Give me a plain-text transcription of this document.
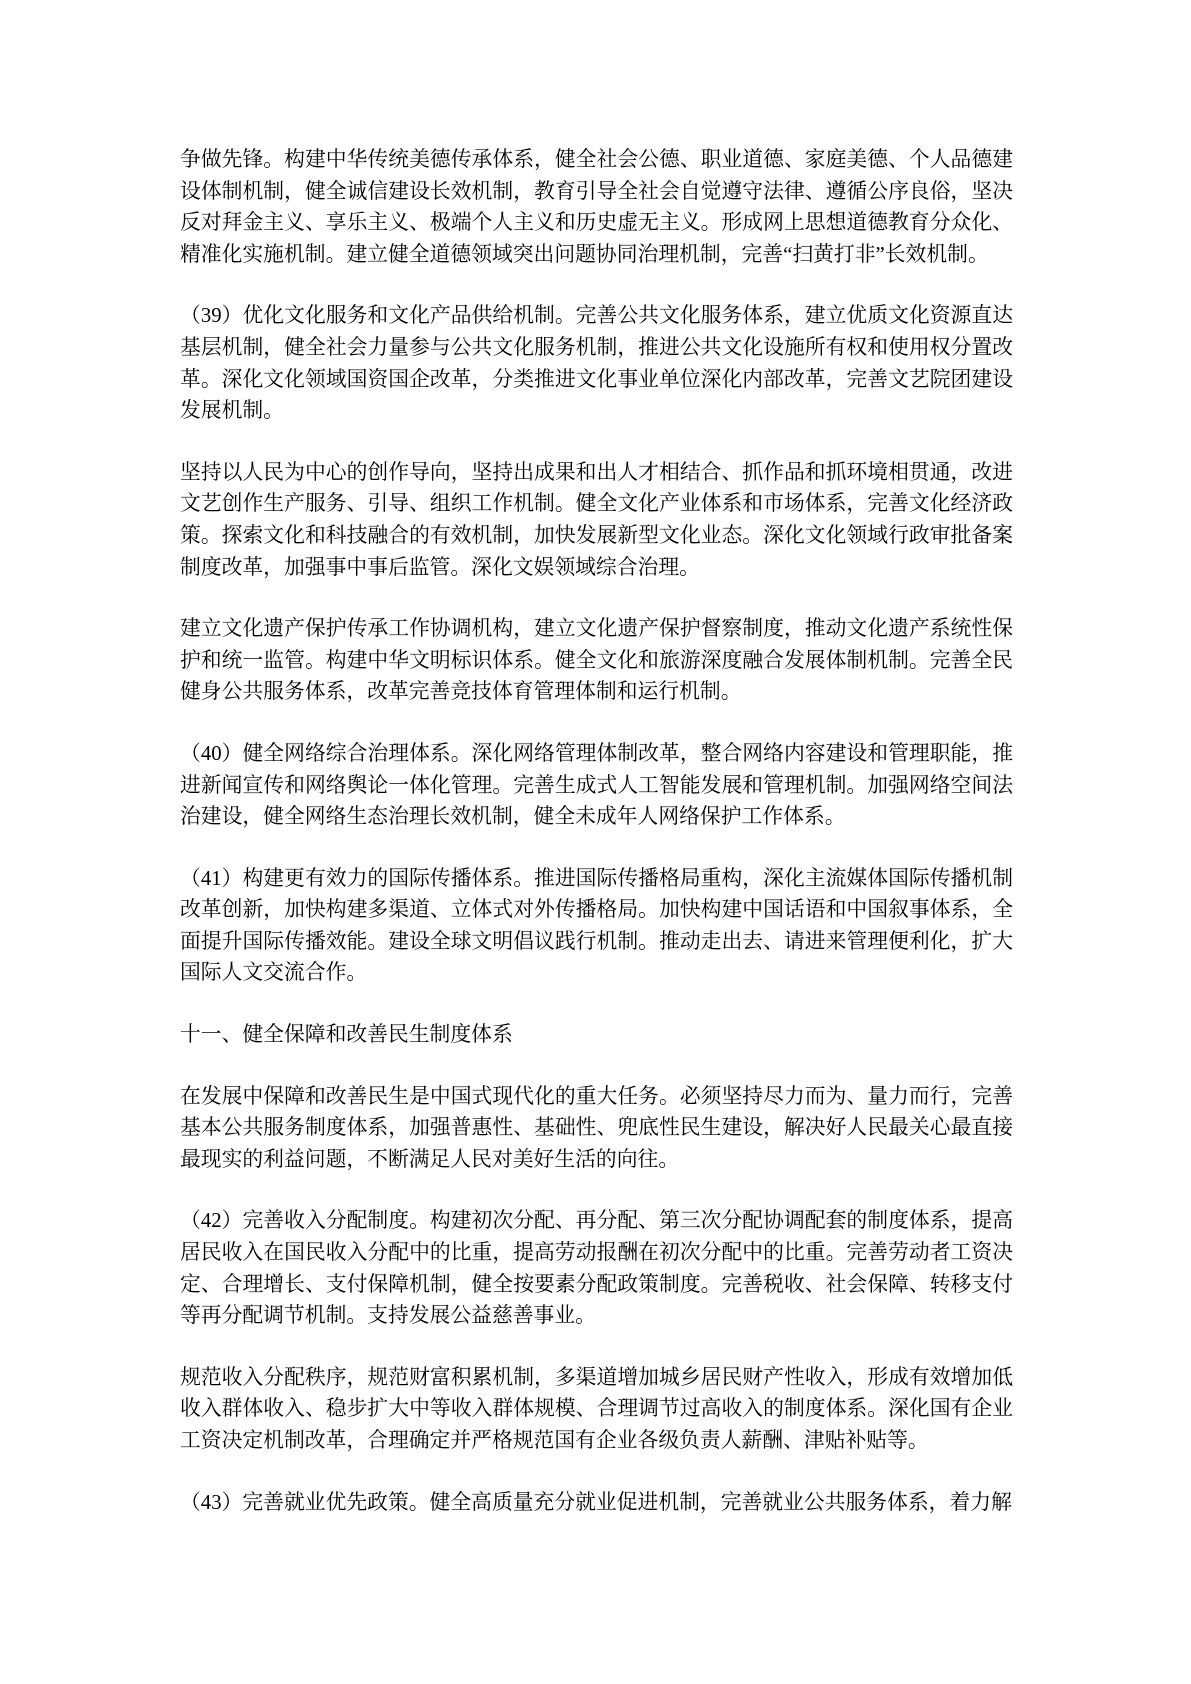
争做先锋。构建中华传统美德传承体系，健全社会公德、职业道德、家庭美德、个人品德建设体制机制，健全诚信建设长效机制，教育引导全社会自觉遵守法律、遵循公序良俗，坚决反对拜金主义、享乐主义、极端个人主义和历史虚无主义。形成网上思想道德教育分众化、精准化实施机制。建立健全道德领域突出问题协同治理机制，完善“扫黄打非”长效机制。

（39）优化文化服务和文化产品供给机制。完善公共文化服务体系，建立优质文化资源直达基层机制，健全社会力量参与公共文化服务机制，推进公共文化设施所有权和使用权分置改革。深化文化领域国资国企改革，分类推进文化事业单位深化内部改革，完善文艺院团建设发展机制。

坚持以人民为中心的创作导向，坚持出成果和出人才相结合、抓作品和抓环境相贯通，改进文艺创作生产服务、引导、组织工作机制。健全文化产业体系和市场体系，完善文化经济政策。探索文化和科技融合的有效机制，加快发展新型文化业态。深化文化领域行政审批备案制度改革，加强事中事后监管。深化文娱领域综合治理。

建立文化遗产保护传承工作协调机构，建立文化遗产保护督察制度，推动文化遗产系统性保护和统一监管。构建中华文明标识体系。健全文化和旅游深度融合发展体制机制。完善全民健身公共服务体系，改革完善竞技体育管理体制和运行机制。

（40）健全网络综合治理体系。深化网络管理体制改革，整合网络内容建设和管理职能，推进新闻宣传和网络舆论一体化管理。完善生成式人工智能发展和管理机制。加强网络空间法治建设，健全网络生态治理长效机制，健全未成年人网络保护工作体系。

（41）构建更有效力的国际传播体系。推进国际传播格局重构，深化主流媒体国际传播机制改革创新，加快构建多渠道、立体式对外传播格局。加快构建中国话语和中国叙事体系，全面提升国际传播效能。建设全球文明倡议践行机制。推动走出去、请进来管理便利化，扩大国际人文交流合作。

十一、健全保障和改善民生制度体系

在发展中保障和改善民生是中国式现代化的重大任务。必须坚持尽力而为、量力而行，完善基本公共服务制度体系，加强普惠性、基础性、兜底性民生建设，解决好人民最关心最直接最现实的利益问题，不断满足人民对美好生活的向往。

（42）完善收入分配制度。构建初次分配、再分配、第三次分配协调配套的制度体系，提高居民收入在国民收入分配中的比重，提高劳动报酬在初次分配中的比重。完善劳动者工资决定、合理增长、支付保障机制，健全按要素分配政策制度。完善税收、社会保障、转移支付等再分配调节机制。支持发展公益慈善事业。

规范收入分配秩序，规范财富积累机制，多渠道增加城乡居民财产性收入，形成有效增加低收入群体收入、稳步扩大中等收入群体规模、合理调节过高收入的制度体系。深化国有企业工资决定机制改革，合理确定并严格规范国有企业各级负责人薪酬、津贴补贴等。

（43）完善就业优先政策。健全高质量充分就业促进机制，完善就业公共服务体系，着力解
